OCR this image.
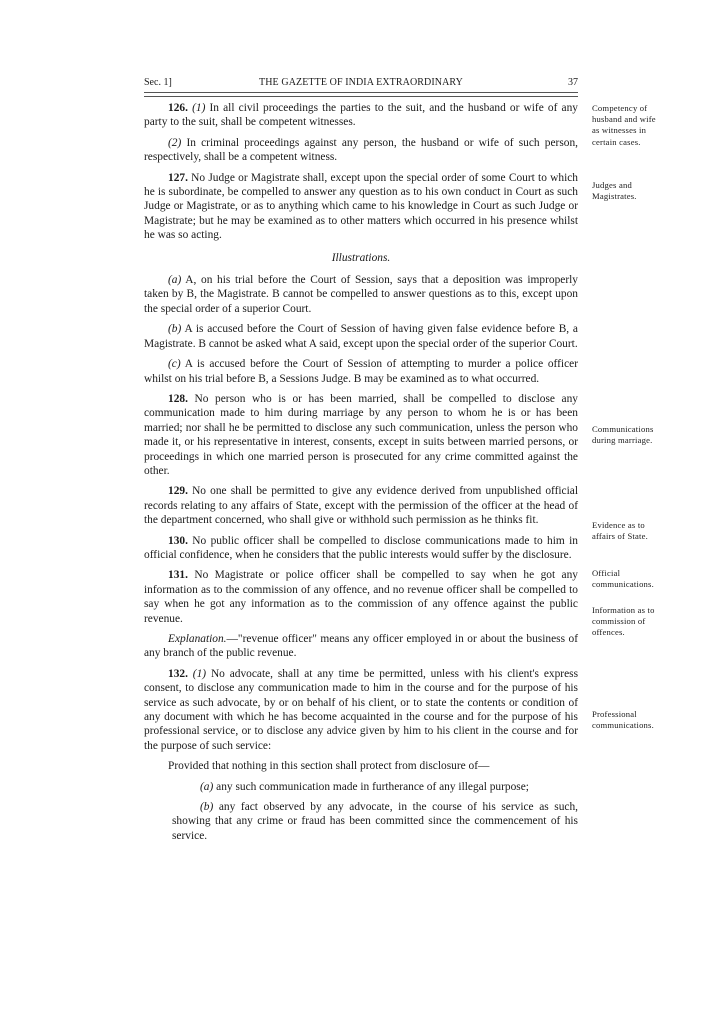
Sec. 1]	THE GAZETTE OF INDIA EXTRAORDINARY	37

126. (1) In all civil proceedings the parties to the suit, and the husband or wife of any party to the suit, shall be competent witnesses.

(2) In criminal proceedings against any person, the husband or wife of such person, respectively, shall be a competent witness.

127. No Judge or Magistrate shall, except upon the special order of some Court to which he is subordinate, be compelled to answer any question as to his own conduct in Court as such Judge or Magistrate, or as to anything which came to his knowledge in Court as such Judge or Magistrate; but he may be examined as to other matters which occurred in his presence whilst he was so acting.

Illustrations.

(a) A, on his trial before the Court of Session, says that a deposition was improperly taken by B, the Magistrate. B cannot be compelled to answer questions as to this, except upon the special order of a superior Court.

(b) A is accused before the Court of Session of having given false evidence before B, a Magistrate. B cannot be asked what A said, except upon the special order of the superior Court.

(c) A is accused before the Court of Session of attempting to murder a police officer whilst on his trial before B, a Sessions Judge. B may be examined as to what occurred.

128. No person who is or has been married, shall be compelled to disclose any communication made to him during marriage by any person to whom he is or has been married; nor shall he be permitted to disclose any such communication, unless the person who made it, or his representative in interest, consents, except in suits between married persons, or proceedings in which one married person is prosecuted for any crime committed against the other.

129. No one shall be permitted to give any evidence derived from unpublished official records relating to any affairs of State, except with the permission of the officer at the head of the department concerned, who shall give or withhold such permission as he thinks fit.

130. No public officer shall be compelled to disclose communications made to him in official confidence, when he considers that the public interests would suffer by the disclosure.

131. No Magistrate or police officer shall be compelled to say when he got any information as to the commission of any offence, and no revenue officer shall be compelled to say when he got any information as to the commission of any offence against the public revenue.

Explanation.—"revenue officer" means any officer employed in or about the business of any branch of the public revenue.

132. (1) No advocate, shall at any time be permitted, unless with his client's express consent, to disclose any communication made to him in the course and for the purpose of his service as such advocate, by or on behalf of his client, or to state the contents or condition of any document with which he has become acquainted in the course and for the purpose of his professional service, or to disclose any advice given by him to his client in the course and for the purpose of such service:

Provided that nothing in this section shall protect from disclosure of—

(a) any such communication made in furtherance of any illegal purpose;

(b) any fact observed by any advocate, in the course of his service as such, showing that any crime or fraud has been committed since the commencement of his service.

Competency of husband and wife as witnesses in certain cases.
Judges and Magistrates.
Communications during marriage.
Evidence as to affairs of State.
Official communications.
Information as to commission of offences.
Professional communications.
